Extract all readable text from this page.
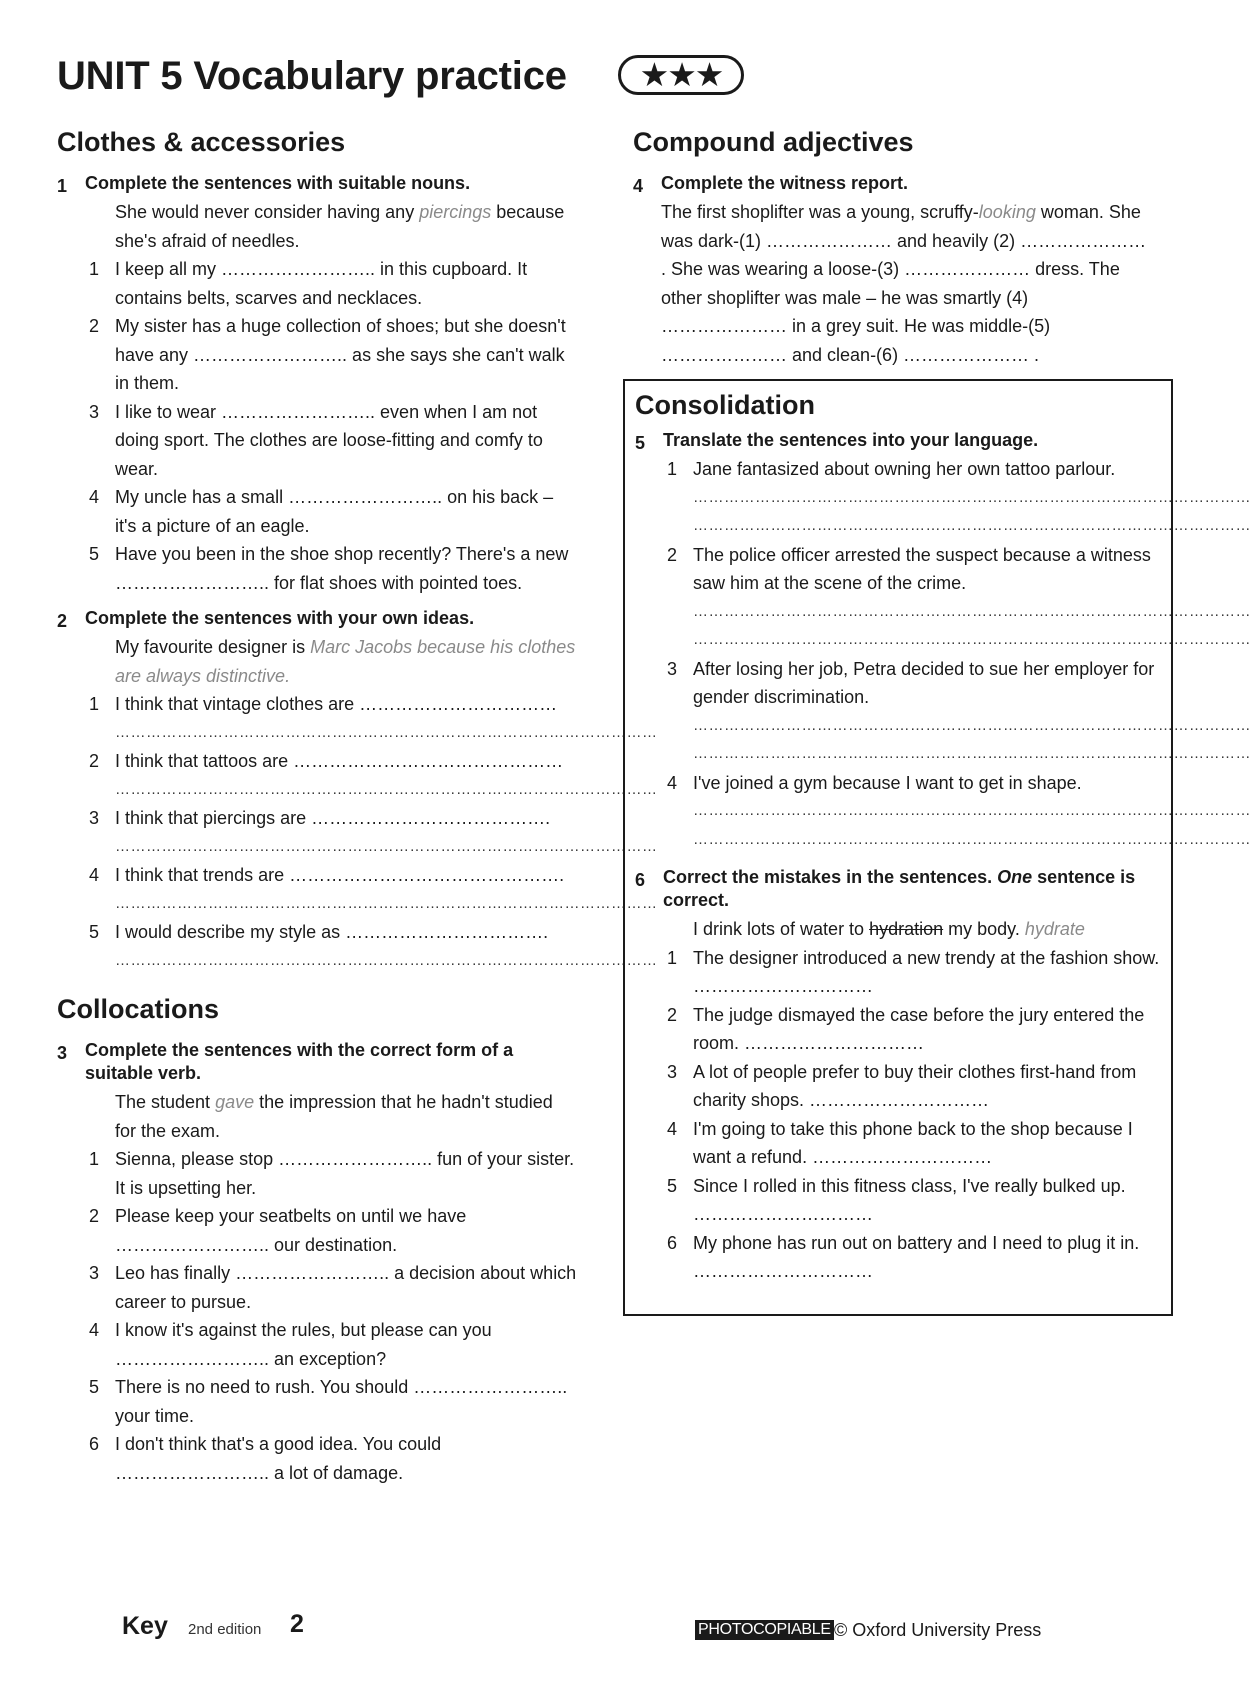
UNIT 5 Vocabulary practice	★★★
Clothes & accessories
1 Complete the sentences with suitable nouns.
She would never consider having any piercings because she's afraid of needles.
1 I keep all my …………………….. in this cupboard. It contains belts, scarves and necklaces.
2 My sister has a huge collection of shoes; but she doesn't have any …………………….. as she says she can't walk in them.
3 I like to wear …………………….. even when I am not doing sport. The clothes are loose-fitting and comfy to wear.
4 My uncle has a small …………………….. on his back – it's a picture of an eagle.
5 Have you been in the shoe shop recently? There's a new …………………….. for flat shoes with pointed toes.
2 Complete the sentences with your own ideas.
My favourite designer is Marc Jacobs because his clothes are always distinctive.
1 I think that vintage clothes are ……………………………
……………………………………………………………………………………………
2 I think that tattoos are ………………………………………
……………………………………………………………………………………………
3 I think that piercings are ………………………………….
……………………………………………………………………………………………
4 I think that trends are ……………………………………….
……………………………………………………………………………………………
5 I would describe my style as …………………………….
……………………………………………………………………………………………
Collocations
3 Complete the sentences with the correct form of a suitable verb.
The student gave the impression that he hadn't studied for the exam.
1 Sienna, please stop …………………….. fun of your sister. It is upsetting her.
2 Please keep your seatbelts on until we have …………………….. our destination.
3 Leo has finally …………………….. a decision about which career to pursue.
4 I know it's against the rules, but please can you …………………….. an exception?
5 There is no need to rush. You should …………………….. your time.
6 I don't think that's a good idea. You could …………………….. a lot of damage.
Compound adjectives
4 Complete the witness report.
The first shoplifter was a young, scruffy-looking woman. She was dark-(1) ………………… and heavily (2) ………………… . She was wearing a loose-(3) ………………… dress. The other shoplifter was male – he was smartly (4) ………………… in a grey suit. He was middle-(5) ………………… and clean-(6) ………………… .
Consolidation
5 Translate the sentences into your language.
1 Jane fantasized about owning her own tattoo parlour.
………………………………………………………………………………………………
………………………………………………………………………………………………
2 The police officer arrested the suspect because a witness saw him at the scene of the crime.
………………………………………………………………………………………………
………………………………………………………………………………………………
3 After losing her job, Petra decided to sue her employer for gender discrimination.
………………………………………………………………………………………………
………………………………………………………………………………………………
4 I've joined a gym because I want to get in shape.
………………………………………………………………………………………………
………………………………………………………………………………………………
6 Correct the mistakes in the sentences. One sentence is correct.
I drink lots of water to hydration my body. hydrate
1 The designer introduced a new trendy at the fashion show. …………………………
2 The judge dismayed the case before the jury entered the room. …………………………
3 A lot of people prefer to buy their clothes first-hand from charity shops. …………………………
4 I'm going to take this phone back to the shop because I want a refund. …………………………
5 Since I rolled in this fitness class, I've really bulked up. …………………………
6 My phone has run out on battery and I need to plug it in. …………………………
Key 2nd edition 2	PHOTOCOPIABLE © Oxford University Press
